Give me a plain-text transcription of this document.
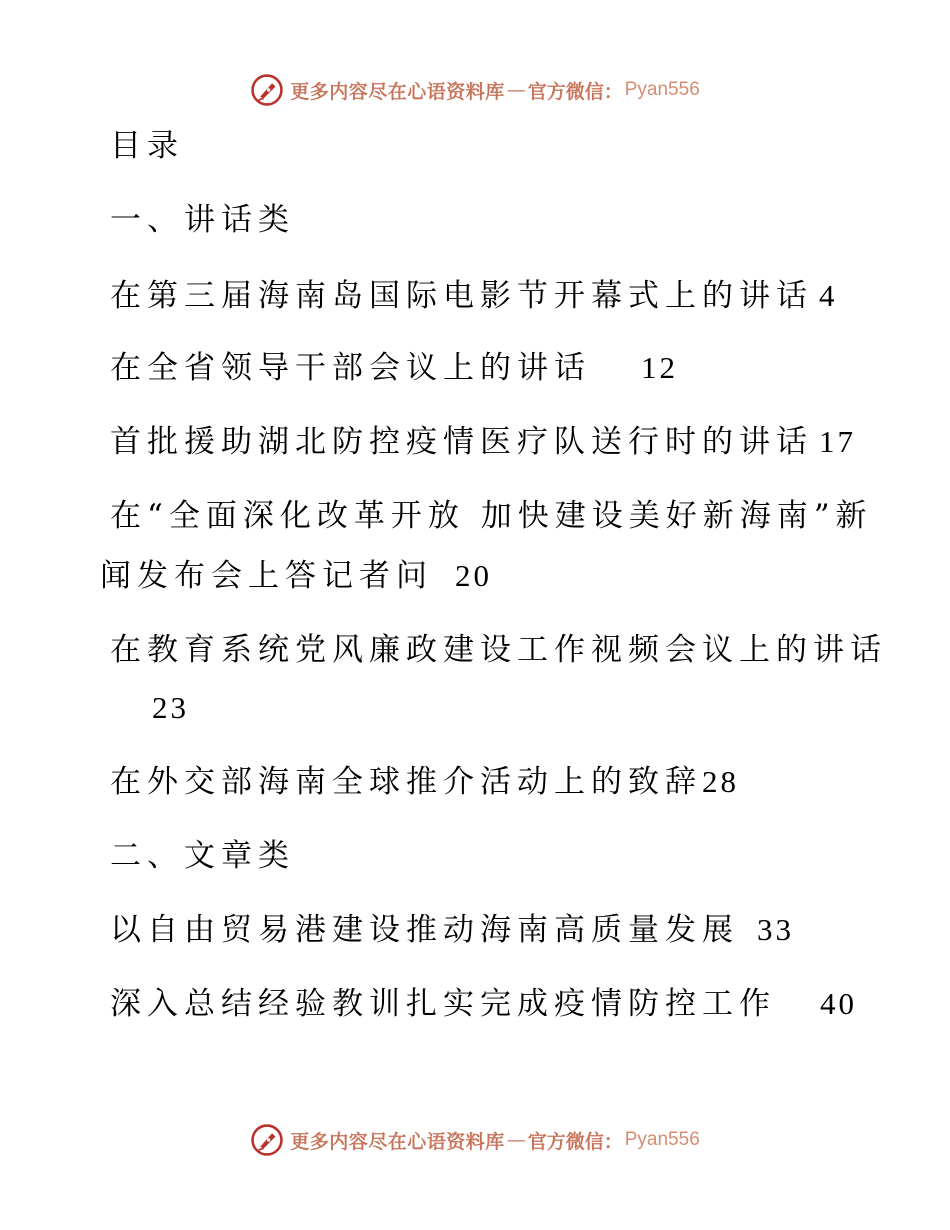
更多内容尽在心语资料库 — 官方微信： Pyan556
目录
一、讲话类
在第三届海南岛国际电影节开幕式上的讲话 4
在全省领导干部会议上的讲话 12
首批援助湖北防控疫情医疗队送行时的讲话 17
在“全面深化改革开放 加快建设美好新海南”新
闻发布会上答记者问 20
在教育系统党风廉政建设工作视频会议上的讲话
23
在外交部海南全球推介活动上的致辞28
二、文章类
以自由贸易港建设推动海南高质量发展 33
深入总结经验教训扎实完成疫情防控工作 40
更多内容尽在心语资料库 — 官方微信： Pyan556
